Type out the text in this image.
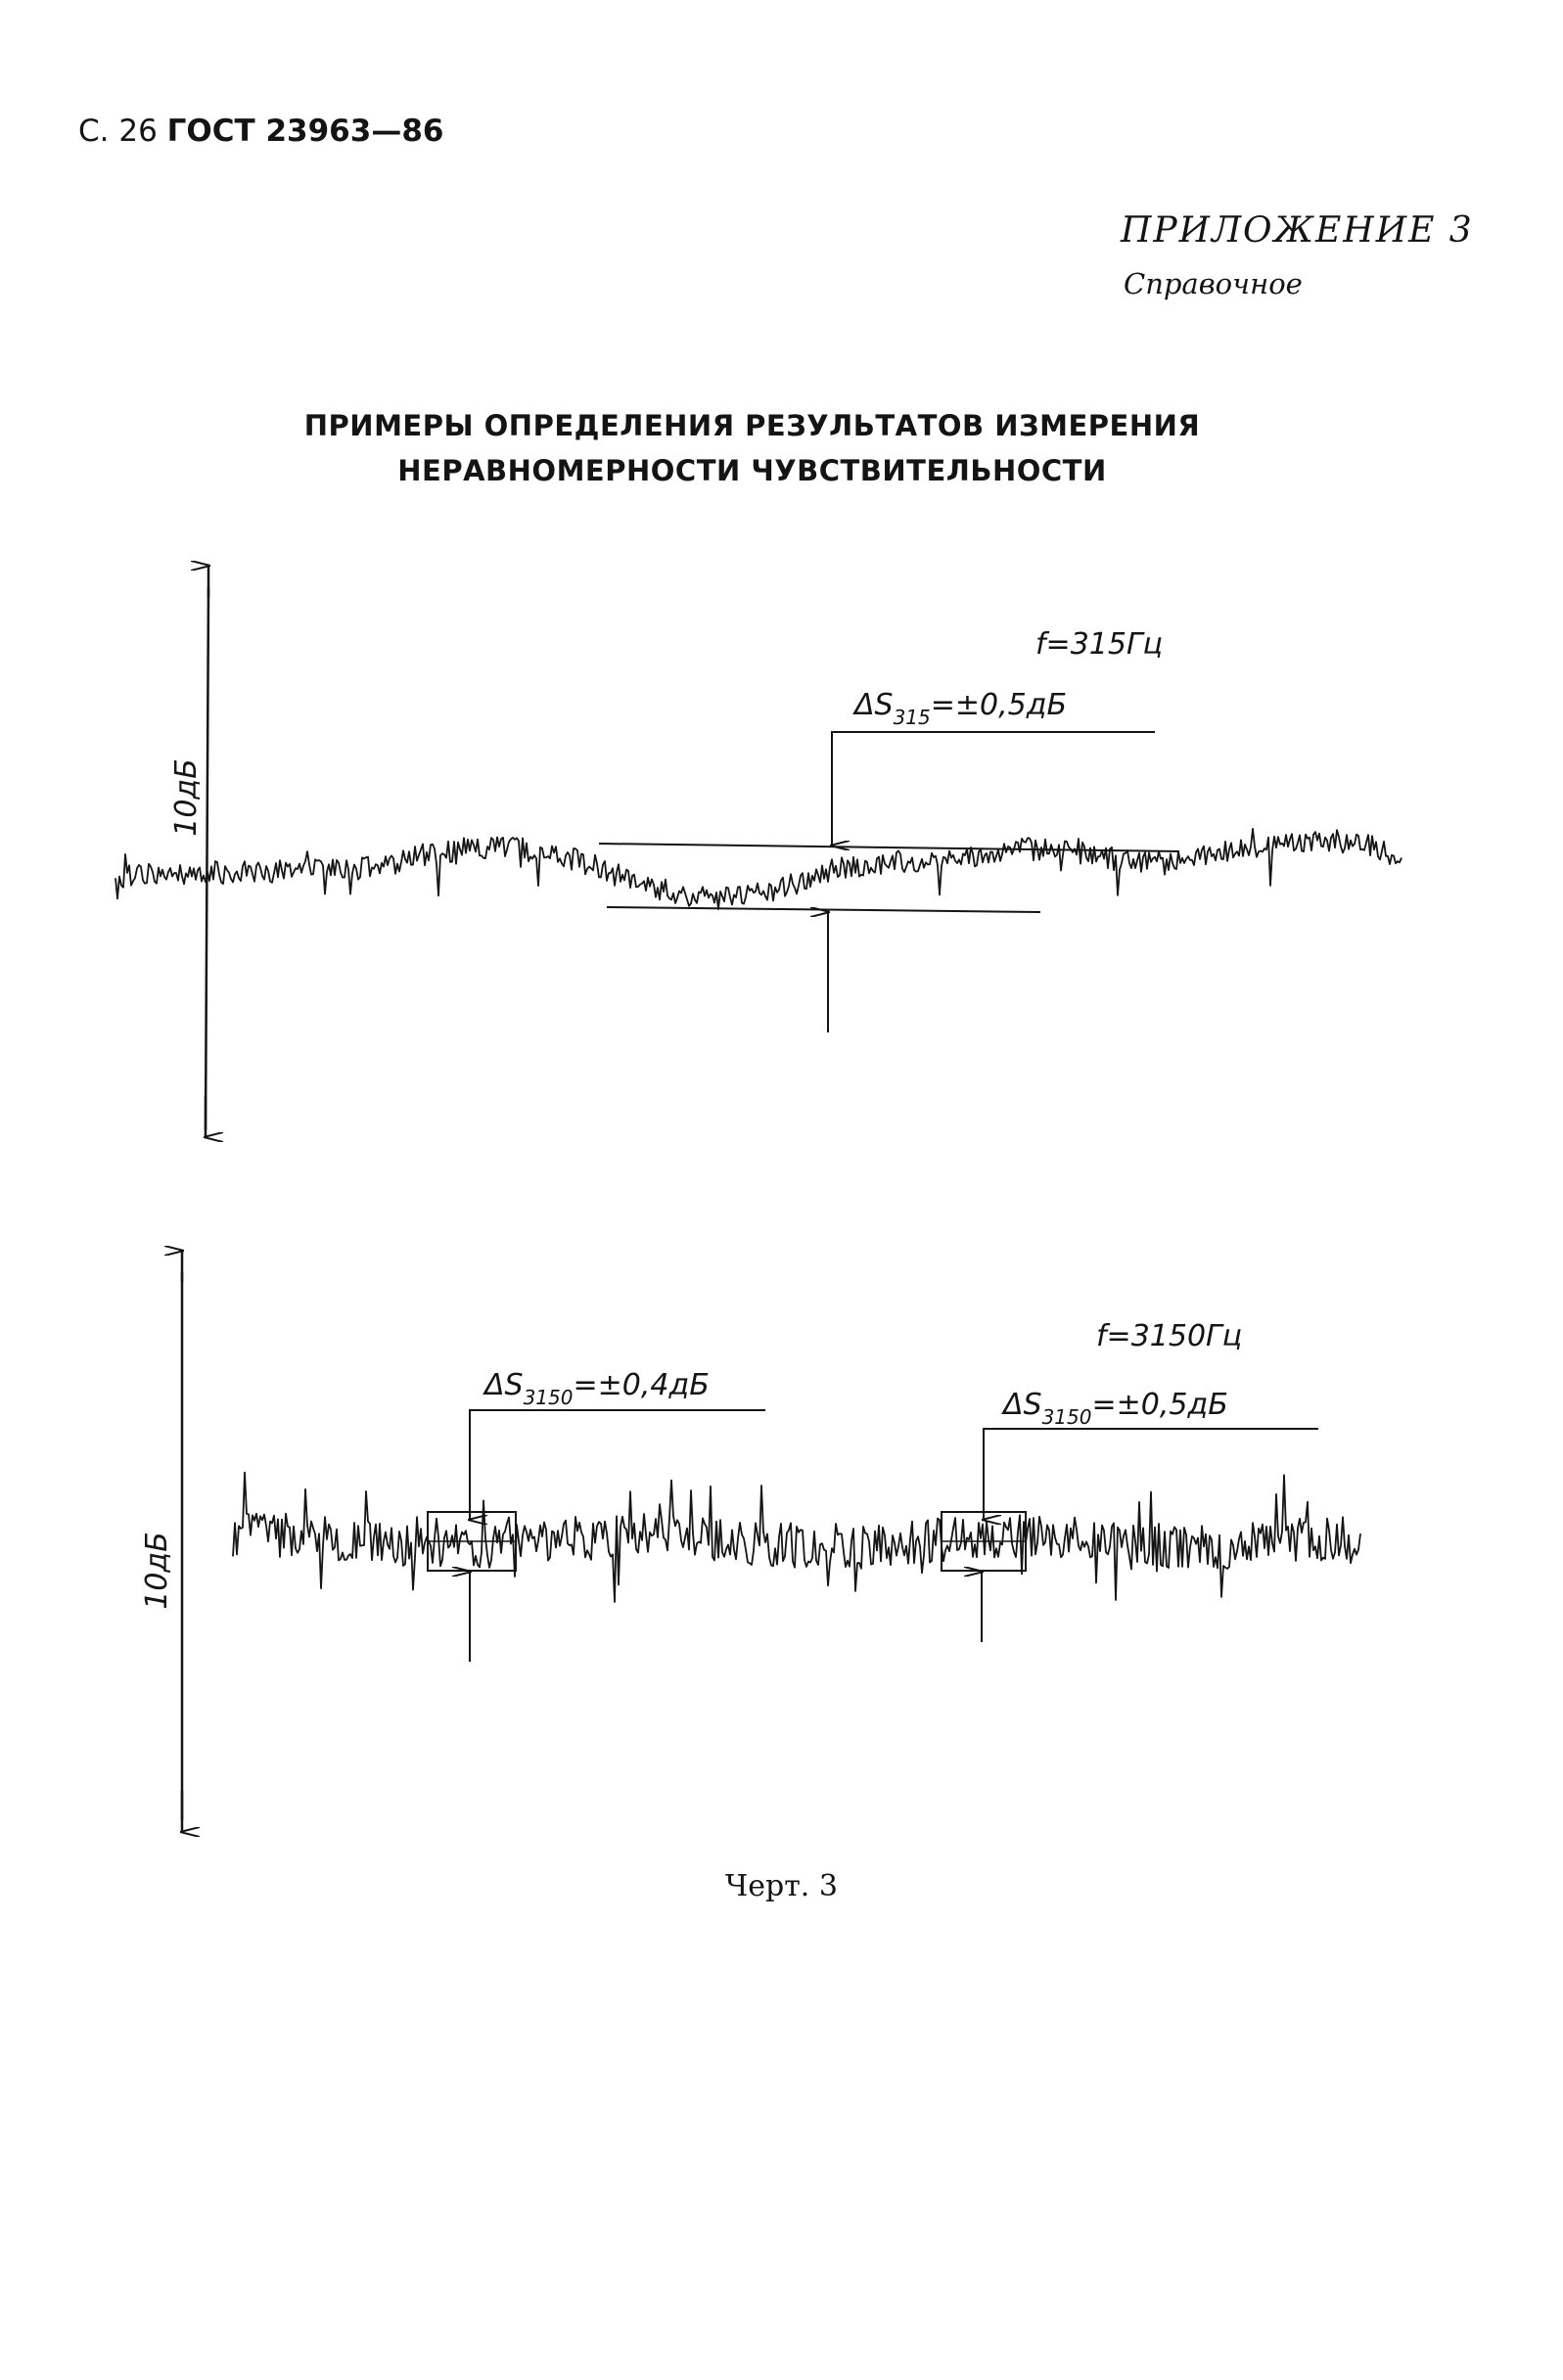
С. 26 ГОСТ 23963—86
ПРИЛОЖЕНИЕ 3
Справочное
ПРИМЕРЫ ОПРЕДЕЛЕНИЯ РЕЗУЛЬТАТОВ ИЗМЕРЕНИЯ
НЕРАВНОМЕРНОСТИ ЧУВСТВИТЕЛЬНОСТИ
10дБ
f=315Гц
ΔS315=±0,5дБ
10дБ
f=3150Гц
ΔS3150=±0,4дБ
ΔS3150=±0,5дБ
Черт. 3
